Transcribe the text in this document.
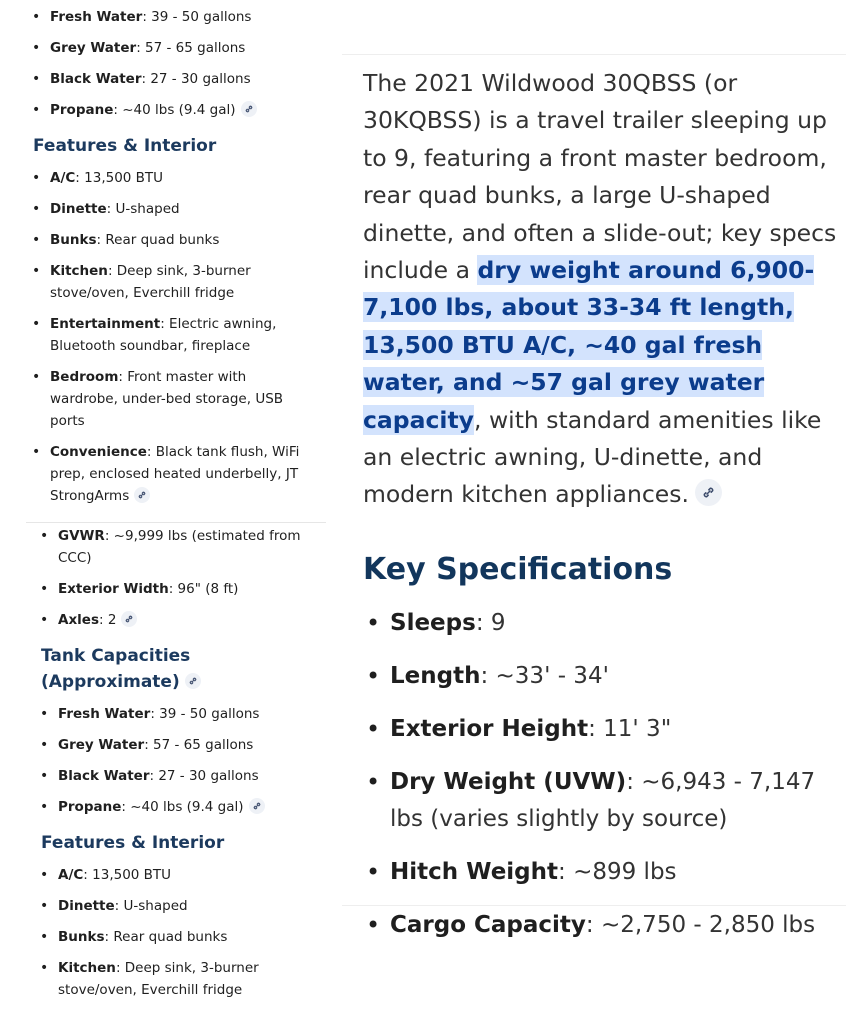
• Fresh Water: 39 - 50 gallons
• Grey Water: 57 - 65 gallons
• Black Water: 27 - 30 gallons
• Propane: ~40 lbs (9.4 gal)
Features & Interior
• A/C: 13,500 BTU
• Dinette: U-shaped
• Bunks: Rear quad bunks
• Kitchen: Deep sink, 3-burner stove/oven, Everchill fridge
• Entertainment: Electric awning, Bluetooth soundbar, fireplace
• Bedroom: Front master with wardrobe, under-bed storage, USB ports
• Convenience: Black tank flush, WiFi prep, enclosed heated underbelly, JT StrongArms
• GVWR: ~9,999 lbs (estimated from CCC)
• Exterior Width: 96" (8 ft)
• Axles: 2
Tank Capacities (Approximate)
• Fresh Water: 39 - 50 gallons
• Grey Water: 57 - 65 gallons
• Black Water: 27 - 30 gallons
• Propane: ~40 lbs (9.4 gal)
Features & Interior
• A/C: 13,500 BTU
• Dinette: U-shaped
• Bunks: Rear quad bunks
• Kitchen: Deep sink, 3-burner stove/oven, Everchill fridge
The 2021 Wildwood 30QBSS (or 30KQBSS) is a travel trailer sleeping up to 9, featuring a front master bedroom, rear quad bunks, a large U-shaped dinette, and often a slide-out; key specs include a dry weight around 6,900-7,100 lbs, about 33-34 ft length, 13,500 BTU A/C, ~40 gal fresh water, and ~57 gal grey water capacity, with standard amenities like an electric awning, U-dinette, and modern kitchen appliances.
Key Specifications
• Sleeps: 9
• Length: ~33' - 34'
• Exterior Height: 11' 3"
• Dry Weight (UVW): ~6,943 - 7,147 lbs (varies slightly by source)
• Hitch Weight: ~899 lbs
• Cargo Capacity: ~2,750 - 2,850 lbs
